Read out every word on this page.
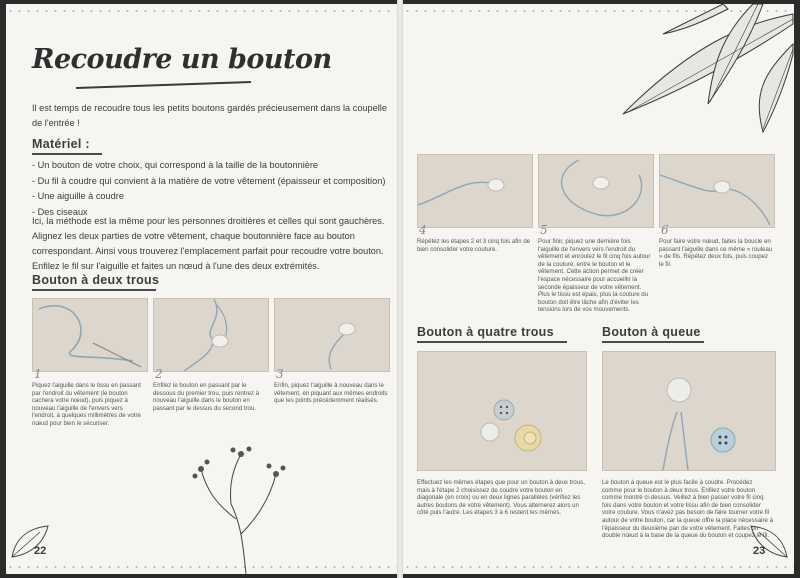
Recoudre un bouton

Il est temps de recoudre tous les petits boutons gardés précieusement dans la coupelle de l'entrée !

Matériel :
- Un bouton de votre choix, qui correspond à la taille de la boutonnière
- Du fil à coudre qui convient à la matière de votre vêtement (épaisseur et composition)
- Une aiguille à coudre
- Des ciseaux

Ici, la méthode est la même pour les personnes droitières et celles qui sont gauchères. Alignez les deux parties de votre vêtement, chaque boutonnière face au bouton correspondant. Ainsi vous trouverez l'emplacement parfait pour recoudre votre bouton. Enfilez le fil sur l'aiguille et faites un nœud à l'une des deux extrémités.

Bouton à deux trous
1

Piquez l'aiguille dans le tissu en passant par l'endroit du vêtement (le bouton cachera votre nœud), puis piquez à nouveau l'aiguille de l'envers vers l'endroit, à quelques millimètres de votre nœud pour bien le sécuriser.

2

Enfilez le bouton en passant par le dessous du premier trou, puis rentrez à nouveau l'aiguille dans le bouton en passant par le dessus du second trou.

3

Enfin, piquez l'aiguille à nouveau dans le vêtement, en piquant aux mêmes endroits que les points précédemment réalisés.

22
4

Répétez les étapes 2 et 3 cinq fois afin de bien consolider votre couture.

5

Pour finir, piquez une dernière fois l'aiguille de l'envers vers l'endroit du vêtement et enroulez le fil cinq fois autour de la couture, entre le bouton et le vêtement. Cette action permet de créer l'espace nécessaire pour accueillir la seconde épaisseur de votre vêtement. Plus le tissu est épais, plus la couture du bouton doit être lâche afin d'éviter les tensions lors de vos mouvements.

6

Pour faire votre nœud, faites la boucle en passant l'aiguille dans ce même « rouleau » de fils. Répétez deux fois, puis coupez le fil.

Bouton à quatre trous

Effectuez les mêmes étapes que pour un bouton à deux trous, mais à l'étape 2 choisissez de coudre votre bouton en diagonale (en croix) ou en deux lignes parallèles (vérifiez les autres boutons de votre vêtement). Vous alternerez alors un côté puis l'autre. Les étapes 3 à 6 restent les mêmes.

Bouton à queue

Le bouton à queue est le plus facile à coudre. Procédez comme pour le bouton à deux trous. Enfilez votre bouton comme montré ci-dessus. Veillez à bien passer votre fil cinq fois dans votre bouton et votre tissu afin de bien consolider votre couture. Vous n'avez pas besoin de faire tourner votre fil autour de votre bouton, car la queue offre la place nécessaire à l'épaisseur du deuxième pan de votre vêtement. Faites un double nœud à la base de la queue du bouton et coupez le fil.

23
